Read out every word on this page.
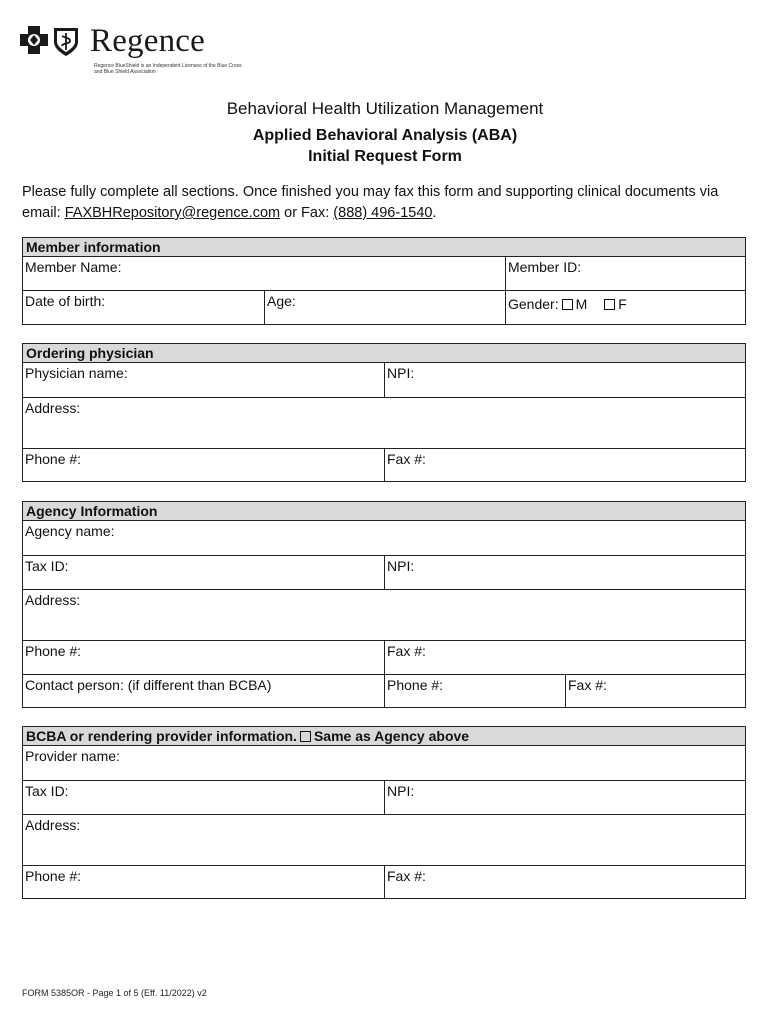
Regence
Regence BlueShield is an Independent Licensee of the Blue Cross and Blue Shield Association
Behavioral Health Utilization Management
Applied Behavioral Analysis (ABA)
Initial Request Form
Please fully complete all sections. Once finished you may fax this form and supporting clinical documents via email: FAXBHRepository@regence.com or Fax: (888) 496-1540.
Member information
Member Name:	Member ID:
Date of birth:	Age:	Gender: M F
Ordering physician
Physician name:	NPI:
Address:
Phone #:	Fax #:
Agency Information
Agency name:
Tax ID:	NPI:
Address:
Phone #:	Fax #:
Contact person: (if different than BCBA)	Phone #:	Fax #:
BCBA or rendering provider information. Same as Agency above
Provider name:
Tax ID:	NPI:
Address:
Phone #:	Fax #:
FORM 5385OR - Page 1 of 5 (Eff. 11/2022) v2
